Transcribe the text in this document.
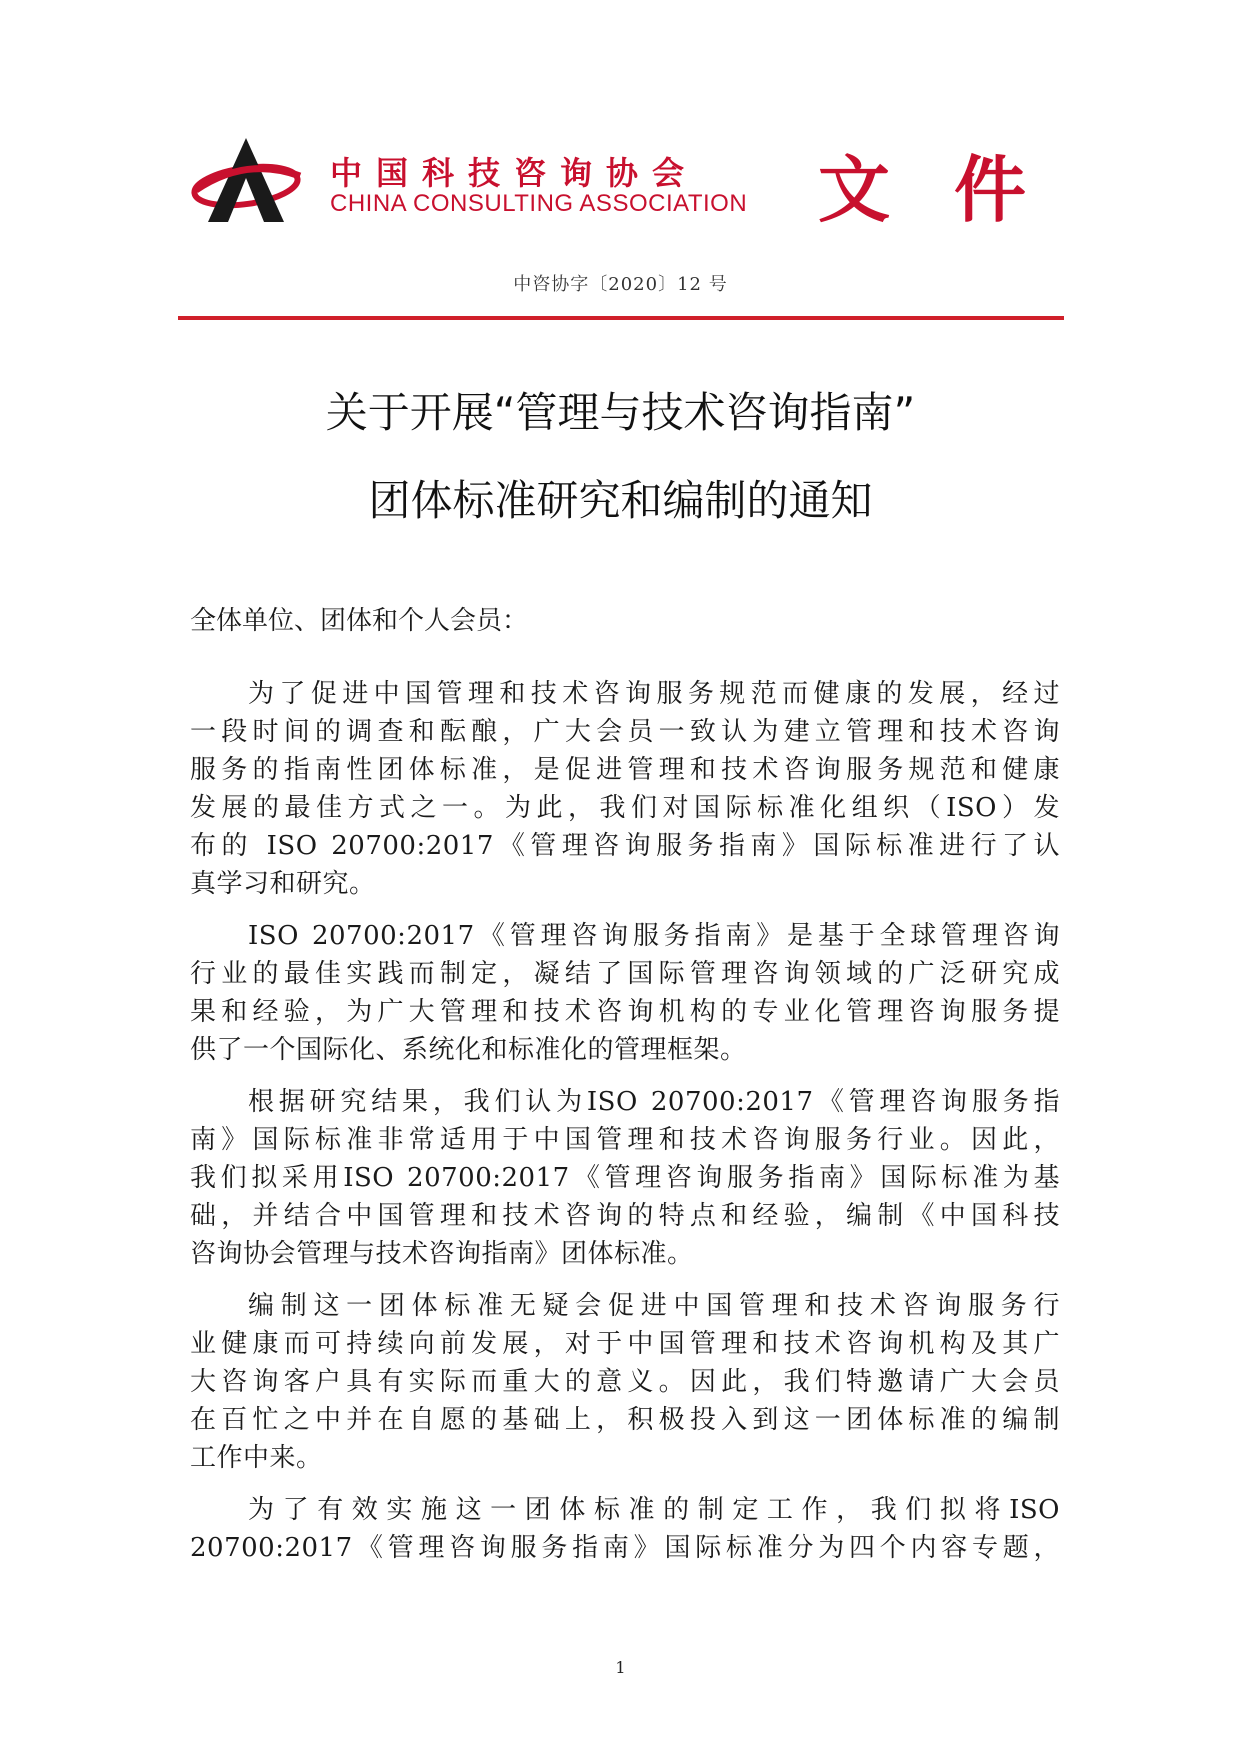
中国科技咨询协会
CHINA CONSULTING ASSOCIATION 文件
中咨协字〔2020〕12 号
关于开展“管理与技术咨询指南”
团体标准研究和编制的通知
全体单位、团体和个人会员：
为了促进中国管理和技术咨询服务规范而健康的发展，经过
一段时间的调查和酝酿，广大会员一致认为建立管理和技术咨询
服务的指南性团体标准，是促进管理和技术咨询服务规范和健康
发展的最佳方式之一。为此，我们对国际标准化组织（ISO）发
布的 ISO 20700:2017《管理咨询服务指南》国际标准进行了认
真学习和研究。
ISO 20700:2017《管理咨询服务指南》是基于全球管理咨询
行业的最佳实践而制定，凝结了国际管理咨询领域的广泛研究成
果和经验，为广大管理和技术咨询机构的专业化管理咨询服务提
供了一个国际化、系统化和标准化的管理框架。
根据研究结果，我们认为ISO 20700:2017《管理咨询服务指
南》国际标准非常适用于中国管理和技术咨询服务行业。因此，
我们拟采用ISO 20700:2017《管理咨询服务指南》国际标准为基
础，并结合中国管理和技术咨询的特点和经验，编制《中国科技
咨询协会管理与技术咨询指南》团体标准。
编制这一团体标准无疑会促进中国管理和技术咨询服务行
业健康而可持续向前发展，对于中国管理和技术咨询机构及其广
大咨询客户具有实际而重大的意义。因此，我们特邀请广大会员
在百忙之中并在自愿的基础上，积极投入到这一团体标准的编制
工作中来。
为了有效实施这一团体标准的制定工作，我们拟将ISO
20700:2017《管理咨询服务指南》国际标准分为四个内容专题，
1
